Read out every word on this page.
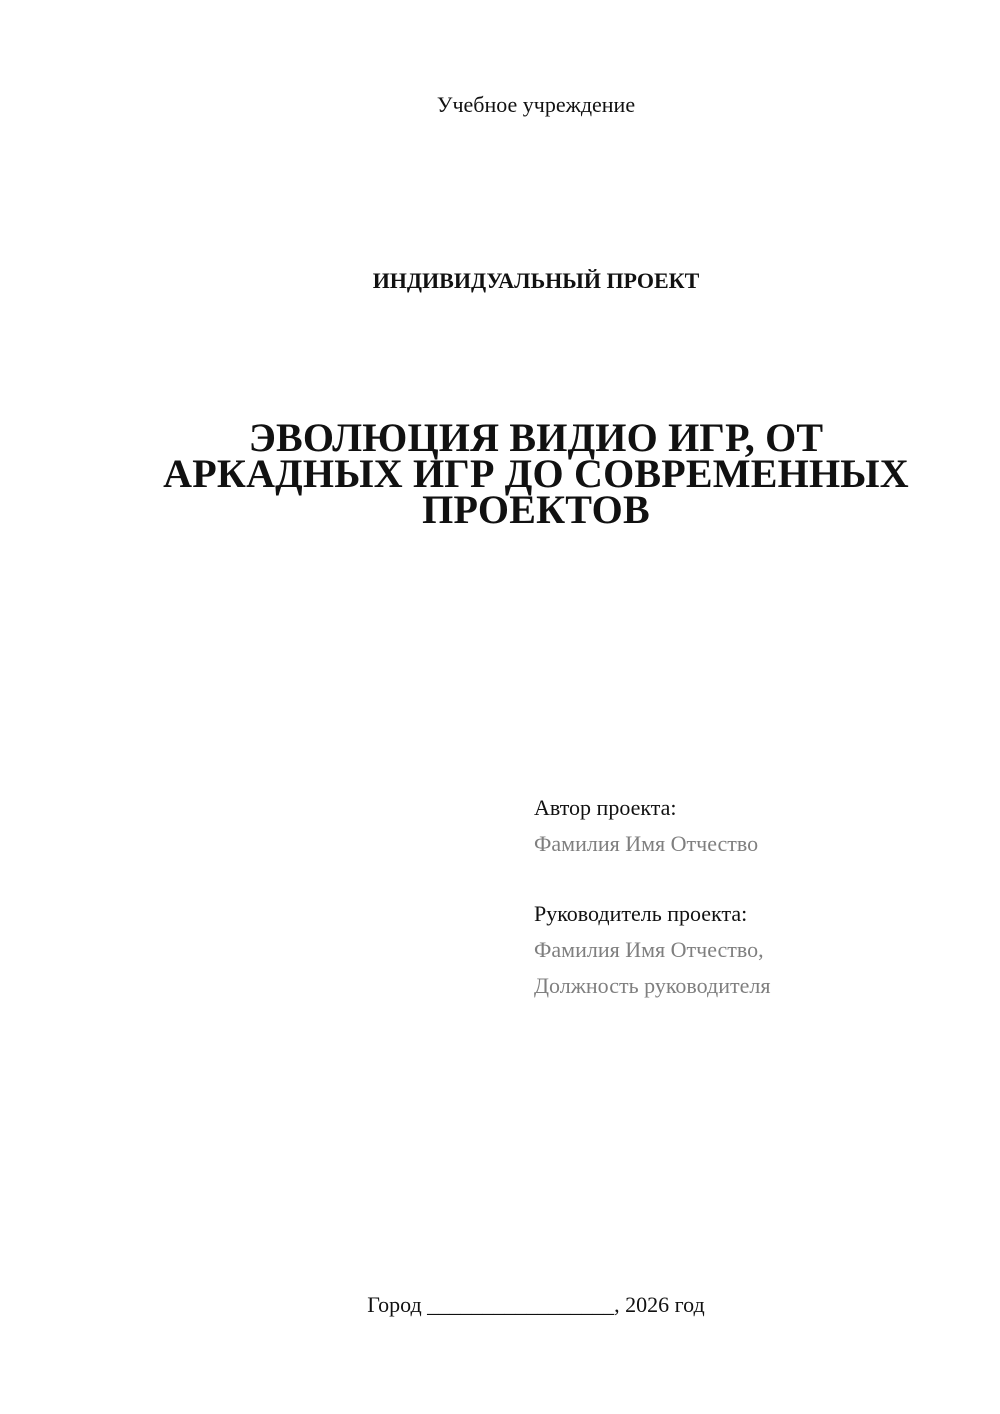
Учебное учреждение
ИНДИВИДУАЛЬНЫЙ ПРОЕКТ
ЭВОЛЮЦИЯ ВИДИО ИГР, ОТ
АРКАДНЫХ ИГР ДО СОВРЕМЕННЫХ
ПРОЕКТОВ
Автор проекта:
Фамилия Имя Отчество
Руководитель проекта:
Фамилия Имя Отчество,
Должность руководителя
Город _________________, 2026 год
